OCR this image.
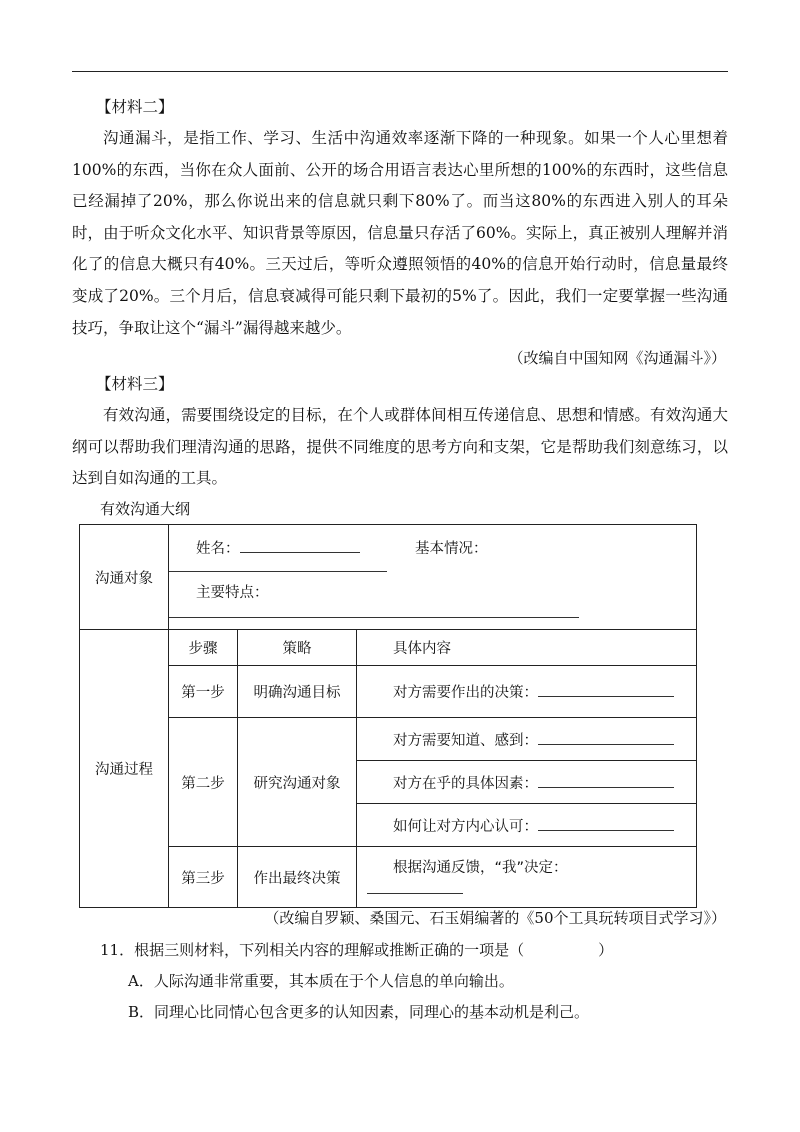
【材料二】

沟通漏斗，是指工作、学习、生活中沟通效率逐渐下降的一种现象。如果一个人心里想着100%的东西，当你在众人面前、公开的场合用语言表达心里所想的100%的东西时，这些信息已经漏掉了20%，那么你说出来的信息就只剩下80%了。而当这80%的东西进入别人的耳朵时，由于听众文化水平、知识背景等原因，信息量只存活了60%。实际上，真正被别人理解并消化了的信息大概只有40%。三天过后，等听众遵照领悟的40%的信息开始行动时，信息量最终变成了20%。三个月后，信息衰减得可能只剩下最初的5%了。因此，我们一定要掌握一些沟通技巧，争取让这个“漏斗”漏得越来越少。

（改编自中国知网《沟通漏斗》）

【材料三】

有效沟通，需要围绕设定的目标，在个人或群体间相互传递信息、思想和情感。有效沟通大纲可以帮助我们理清沟通的思路，提供不同维度的思考方向和支架，它是帮助我们刻意练习，以达到自如沟通的工具。

有效沟通大纲
沟通对象	姓名： 基本情况：
主要特点：		

沟通过程	步骤	策略	具体内容
	第一步	明确沟通目标	对方需要作出的决策：
	第二步	研究沟通对象	对方需要知道、感到：
			对方在乎的具体因素：
			如何让对方内心认可：
	第三步	作出最终决策	根据沟通反馈，“我”决定：

（改编自罗颖、桑国元、石玉娟编著的《50个工具玩转项目式学习》）

11．根据三则材料，下列相关内容的理解或推断正确的一项是（	）

A．人际沟通非常重要，其本质在于个人信息的单向输出。

B．同理心比同情心包含更多的认知因素，同理心的基本动机是利己。
